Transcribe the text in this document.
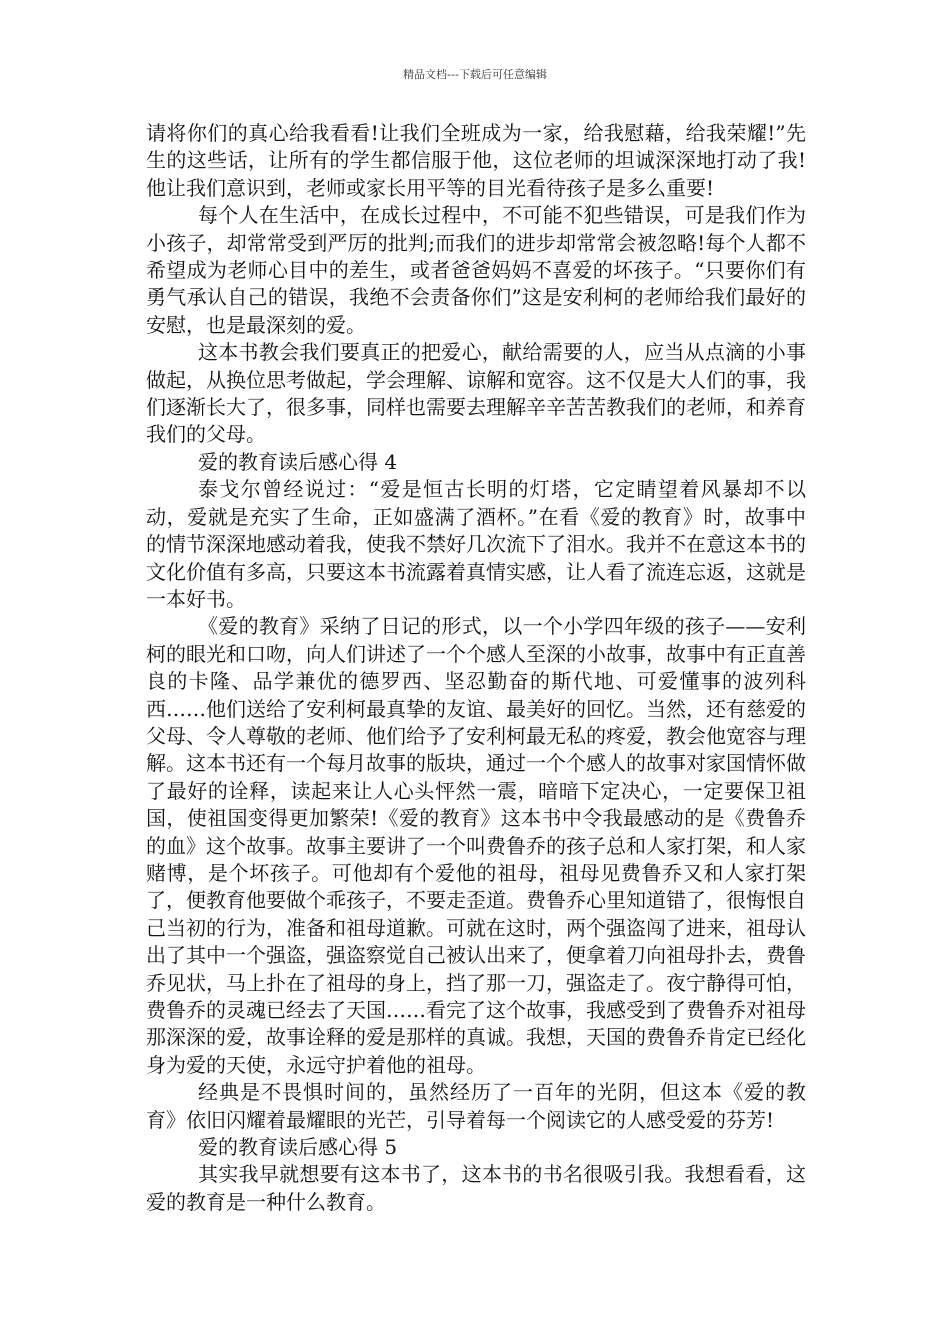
精品文档---下载后可任意编辑

请将你们的真心给我看看!让我们全班成为一家，给我慰藉，给我荣耀!”先生的这些话，让所有的学生都信服于他，这位老师的坦诚深深地打动了我!他让我们意识到，老师或家长用平等的目光看待孩子是多么重要!

每个人在生活中，在成长过程中，不可能不犯些错误，可是我们作为小孩子，却常常受到严厉的批判;而我们的进步却常常会被忽略!每个人都不希望成为老师心目中的差生，或者爸爸妈妈不喜爱的坏孩子。“只要你们有勇气承认自己的错误，我绝不会责备你们”这是安利柯的老师给我们最好的安慰，也是最深刻的爱。

这本书教会我们要真正的把爱心，献给需要的人，应当从点滴的小事做起，从换位思考做起，学会理解、谅解和宽容。这不仅是大人们的事，我们逐渐长大了，很多事，同样也需要去理解辛辛苦苦教我们的老师，和养育我们的父母。

爱的教育读后感心得 4

泰戈尔曾经说过：“爱是恒古长明的灯塔，它定睛望着风暴却不以动，爱就是充实了生命，正如盛满了酒杯。”在看《爱的教育》时，故事中的情节深深地感动着我，使我不禁好几次流下了泪水。我并不在意这本书的文化价值有多高，只要这本书流露着真情实感，让人看了流连忘返，这就是一本好书。

《爱的教育》采纳了日记的形式，以一个小学四年级的孩子——安利柯的眼光和口吻，向人们讲述了一个个感人至深的小故事，故事中有正直善良的卡隆、品学兼优的德罗西、坚忍勤奋的斯代地、可爱懂事的波列科西……他们送给了安利柯最真挚的友谊、最美好的回忆。当然，还有慈爱的父母、令人尊敬的老师、他们给予了安利柯最无私的疼爱，教会他宽容与理解。这本书还有一个每月故事的版块，通过一个个感人的故事对家国情怀做了最好的诠释，读起来让人心头怦然一震，暗暗下定决心，一定要保卫祖国，使祖国变得更加繁荣!《爱的教育》这本书中令我最感动的是《费鲁乔的血》这个故事。故事主要讲了一个叫费鲁乔的孩子总和人家打架，和人家赌博，是个坏孩子。可他却有个爱他的祖母，祖母见费鲁乔又和人家打架了，便教育他要做个乖孩子，不要走歪道。费鲁乔心里知道错了，很悔恨自己当初的行为，准备和祖母道歉。可就在这时，两个强盗闯了进来，祖母认出了其中一个强盗，强盗察觉自己被认出来了，便拿着刀向祖母扑去，费鲁乔见状，马上扑在了祖母的身上，挡了那一刀，强盗走了。夜宁静得可怕，费鲁乔的灵魂已经去了天国……看完了这个故事，我感受到了费鲁乔对祖母那深深的爱，故事诠释的爱是那样的真诚。我想，天国的费鲁乔肯定已经化身为爱的天使，永远守护着他的祖母。

经典是不畏惧时间的，虽然经历了一百年的光阴，但这本《爱的教育》依旧闪耀着最耀眼的光芒，引导着每一个阅读它的人感受爱的芬芳!

爱的教育读后感心得 5

其实我早就想要有这本书了，这本书的书名很吸引我。我想看看，这爱的教育是一种什么教育。
